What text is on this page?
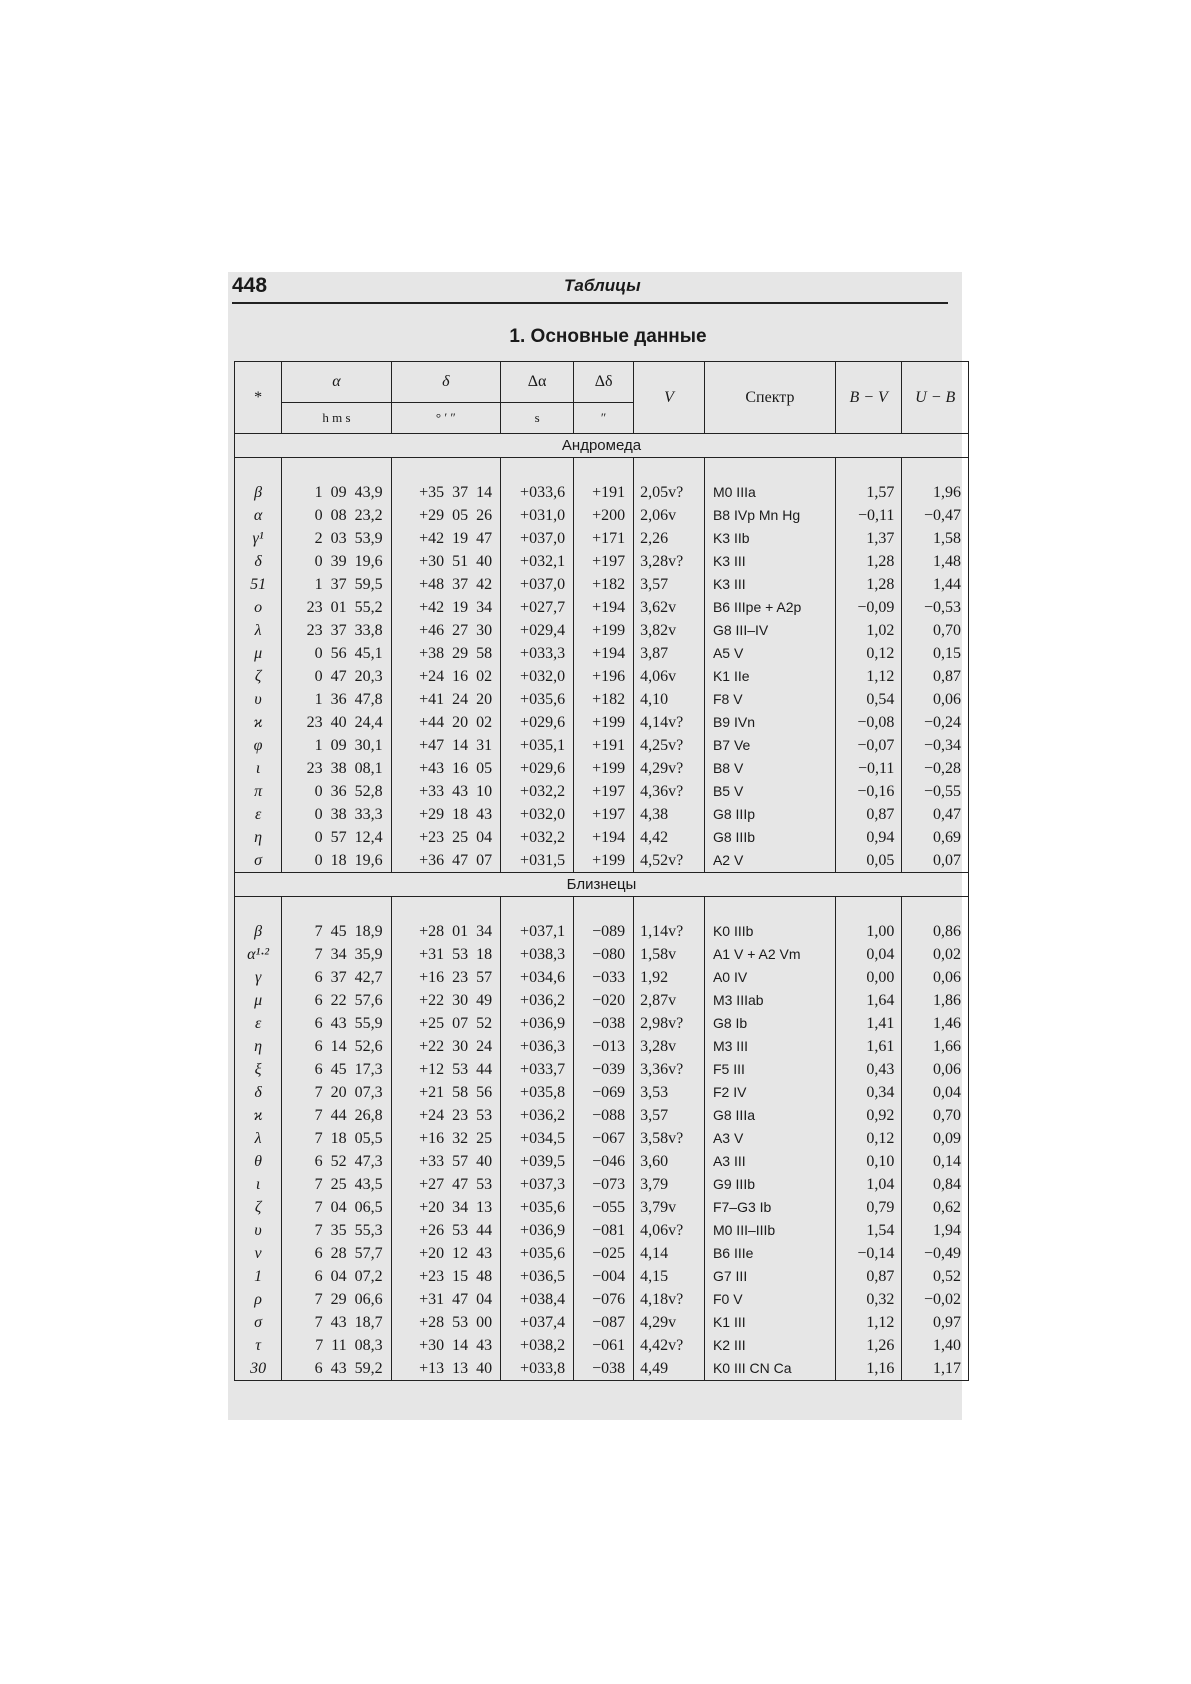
448	Таблицы
1. Основные данные
*	α	δ	Δα	Δδ	V	Спектр	B − V	U − B
	h m s	° ′ ″	s	″				
Андромеда								

β	1 09 43,9	+35 37 14	+033,6	+191	2,05v?	M0 IIIa	1,57	1,96
α	0 08 23,2	+29 05 26	+031,0	+200	2,06v	B8 IVp Mn Hg	−0,11	−0,47
γ¹	2 03 53,9	+42 19 47	+037,0	+171	2,26	K3 IIb	1,37	1,58
δ	0 39 19,6	+30 51 40	+032,1	+197	3,28v?	K3 III	1,28	1,48
51	1 37 59,5	+48 37 42	+037,0	+182	3,57	K3 III	1,28	1,44
o	23 01 55,2	+42 19 34	+027,7	+194	3,62v	B6 IIIpe + A2p	−0,09	−0,53
λ	23 37 33,8	+46 27 30	+029,4	+199	3,82v	G8 III–IV	1,02	0,70
μ	0 56 45,1	+38 29 58	+033,3	+194	3,87	A5 V	0,12	0,15
ζ	0 47 20,3	+24 16 02	+032,0	+196	4,06v	K1 IIe	1,12	0,87
υ	1 36 47,8	+41 24 20	+035,6	+182	4,10	F8 V	0,54	0,06
ϰ	23 40 24,4	+44 20 02	+029,6	+199	4,14v?	B9 IVn	−0,08	−0,24
φ	1 09 30,1	+47 14 31	+035,1	+191	4,25v?	B7 Ve	−0,07	−0,34
ι	23 38 08,1	+43 16 05	+029,6	+199	4,29v?	B8 V	−0,11	−0,28
π	0 36 52,8	+33 43 10	+032,2	+197	4,36v?	B5 V	−0,16	−0,55
ε	0 38 33,3	+29 18 43	+032,0	+197	4,38	G8 IIIp	0,87	0,47
η	0 57 12,4	+23 25 04	+032,2	+194	4,42	G8 IIIb	0,94	0,69
σ	0 18 19,6	+36 47 07	+031,5	+199	4,52v?	A2 V	0,05	0,07
Близнецы								

β	7 45 18,9	+28 01 34	+037,1	−089	1,14v?	K0 IIIb	1,00	0,86
α¹·²	7 34 35,9	+31 53 18	+038,3	−080	1,58v	A1 V + A2 Vm	0,04	0,02
γ	6 37 42,7	+16 23 57	+034,6	−033	1,92	A0 IV	0,00	0,06
μ	6 22 57,6	+22 30 49	+036,2	−020	2,87v	M3 IIIab	1,64	1,86
ε	6 43 55,9	+25 07 52	+036,9	−038	2,98v?	G8 Ib	1,41	1,46
η	6 14 52,6	+22 30 24	+036,3	−013	3,28v	M3 III	1,61	1,66
ξ	6 45 17,3	+12 53 44	+033,7	−039	3,36v?	F5 III	0,43	0,06
δ	7 20 07,3	+21 58 56	+035,8	−069	3,53	F2 IV	0,34	0,04
ϰ	7 44 26,8	+24 23 53	+036,2	−088	3,57	G8 IIIa	0,92	0,70
λ	7 18 05,5	+16 32 25	+034,5	−067	3,58v?	A3 V	0,12	0,09
θ	6 52 47,3	+33 57 40	+039,5	−046	3,60	A3 III	0,10	0,14
ι	7 25 43,5	+27 47 53	+037,3	−073	3,79	G9 IIIb	1,04	0,84
ζ	7 04 06,5	+20 34 13	+035,6	−055	3,79v	F7–G3 Ib	0,79	0,62
υ	7 35 55,3	+26 53 44	+036,9	−081	4,06v?	M0 III–IIIb	1,54	1,94
ν	6 28 57,7	+20 12 43	+035,6	−025	4,14	B6 IIIe	−0,14	−0,49
1	6 04 07,2	+23 15 48	+036,5	−004	4,15	G7 III	0,87	0,52
ρ	7 29 06,6	+31 47 04	+038,4	−076	4,18v?	F0 V	0,32	−0,02
σ	7 43 18,7	+28 53 00	+037,4	−087	4,29v	K1 III	1,12	0,97
τ	7 11 08,3	+30 14 43	+038,2	−061	4,42v?	K2 III	1,26	1,40
30	6 43 59,2	+13 13 40	+033,8	−038	4,49	K0 III CN Ca	1,16	1,17
